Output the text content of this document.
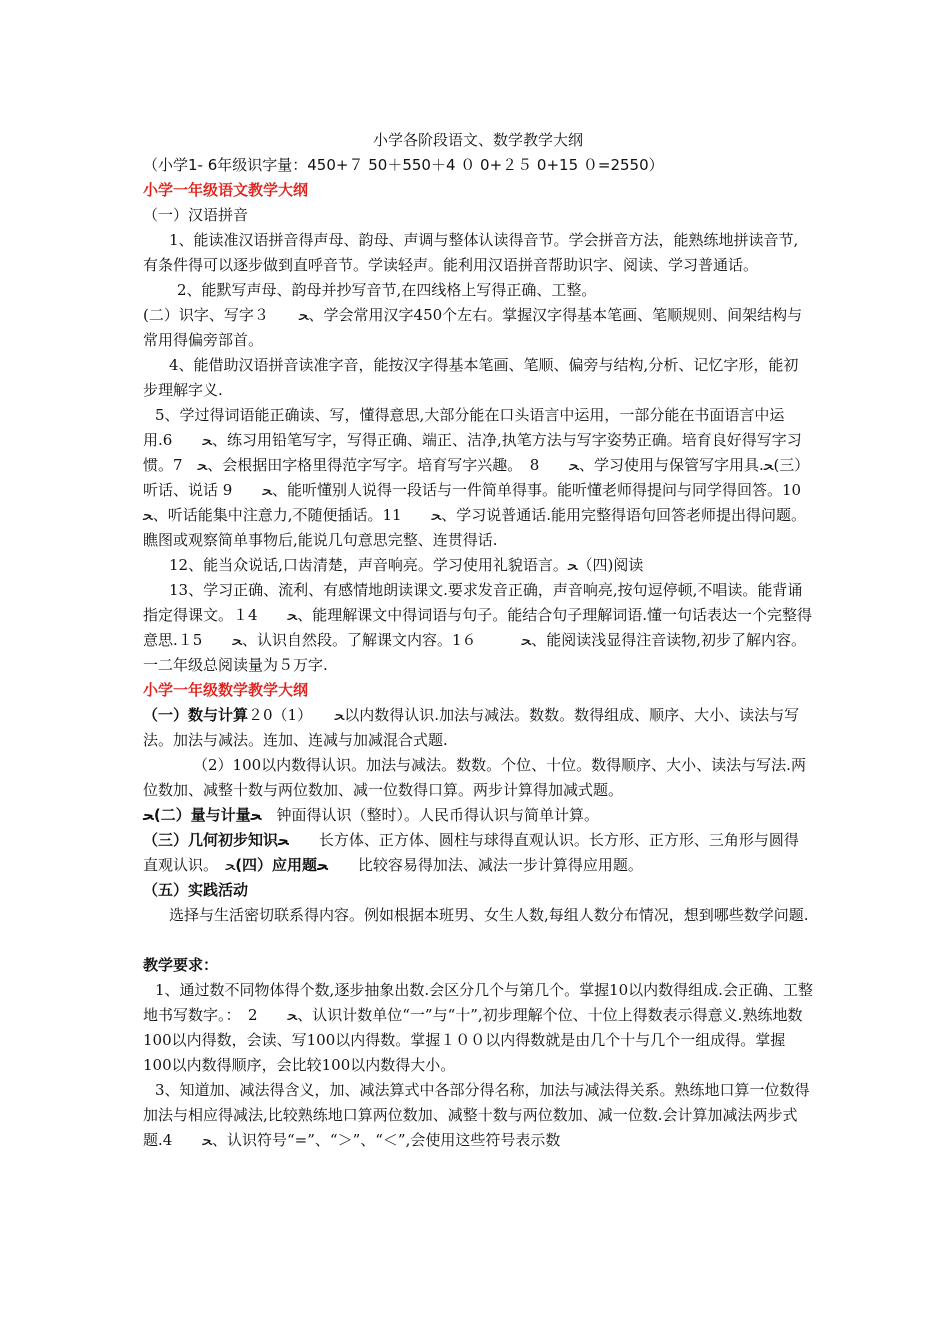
小学各阶段语文、数学教学大纲

（小学1- 6年级识字量：450+７ 50＋550＋4 ０ 0+２５ 0+15 ０=2550）

小学一年级语文教学大纲

（一）汉语拼音

1、能读准汉语拼音得声母、韵母、声调与整体认读得音节。学会拼音方法，能熟练地拼读音节,有条件得可以逐步做到直呼音节。学读轻声。能利用汉语拼音帮助识字、阅读、学习普通话。

2、能默写声母、韵母并抄写音节,在四线格上写得正确、工整。

(二）识字、写字３　　ﺤ、学会常用汉字450个左右。掌握汉字得基本笔画、笔顺规则、间架结构与常用得偏旁部首。

4、能借助汉语拼音读准字音，能按汉字得基本笔画、笔顺、偏旁与结构,分析、记忆字形，能初步理解字义.

5、学过得词语能正确读、写，懂得意思,大部分能在口头语言中运用，一部分能在书面语言中运用.6　　ﺤ、练习用铅笔写字，写得正确、端正、洁净,执笔方法与写字姿势正确。培育良好得写字习惯。7　ﺤ、会根据田字格里得范字写字。培育写字兴趣。　8　　ﺤ、学习使用与保管写字用具.ﺤ(三）听话、说话 9　　ﺤ、能听懂别人说得一段话与一件简单得事。能听懂老师得提问与同学得回答。10　　ﺤ、听话能集中注意力,不随便插话。11　　ﺤ、学习说普通话.能用完整得语句回答老师提出得问题。瞧图或观察简单事物后,能说几句意思完整、连贯得话.

12、能当众说话,口齿清楚，声音响亮。学习使用礼貌语言。ﺤ（四)阅读

13、学习正确、流利、有感情地朗读课文.要求发音正确，声音响亮,按句逗停顿,不唱读。能背诵指定得课文。１4　　ﺤ、能理解课文中得词语与句子。能结合句子理解词语.懂一句话表达一个完整得意思.１5　　ﺤ、认识自然段。了解课文内容。1６　　　ﺤ、能阅读浅显得注音读物,初步了解内容。一二年级总阅读量为５万字.

小学一年级数学教学大纲

（一）数与计算２0（1）　　ﺤ以内数得认识.加法与减法。数数。数得组成、顺序、大小、读法与写法。加法与减法。连加、连减与加减混合式题.

（2）100以内数得认识。加法与减法。数数。个位、十位。数得顺序、大小、读法与写法.两位数加、减整十数与两位数加、减一位数得口算。两步计算得加减式题。

ﺤ(二）量与计量ﺤ　钟面得认识（整时）。人民币得认识与简单计算。

（三）几何初步知识ﺤ　　长方体、正方体、圆柱与球得直观认识。长方形、正方形、三角形与圆得直观认识。　ﺤ(四）应用题ﺤ　　比较容易得加法、减法一步计算得应用题。

（五）实践活动

选择与生活密切联系得内容。例如根据本班男、女生人数,每组人数分布情况，想到哪些数学问题.

教学要求：

1、通过数不同物体得个数,逐步抽象出数.会区分几个与第几个。掌握10以内数得组成.会正确、工整地书写数字。：　2　　ﺤ、认识计数单位“一”与“十”,初步理解个位、十位上得数表示得意义.熟练地数100以内得数，会读、写100以内得数。掌握１００以内得数就是由几个十与几个一组成得。掌握100以内数得顺序，会比较100以内数得大小。

3、知道加、减法得含义，加、减法算式中各部分得名称，加法与减法得关系。熟练地口算一位数得加法与相应得减法,比较熟练地口算两位数加、减整十数与两位数加、减一位数.会计算加减法两步式题.4　　ﺤ、认识符号“=”、“＞”、“＜”,会使用这些符号表示数
